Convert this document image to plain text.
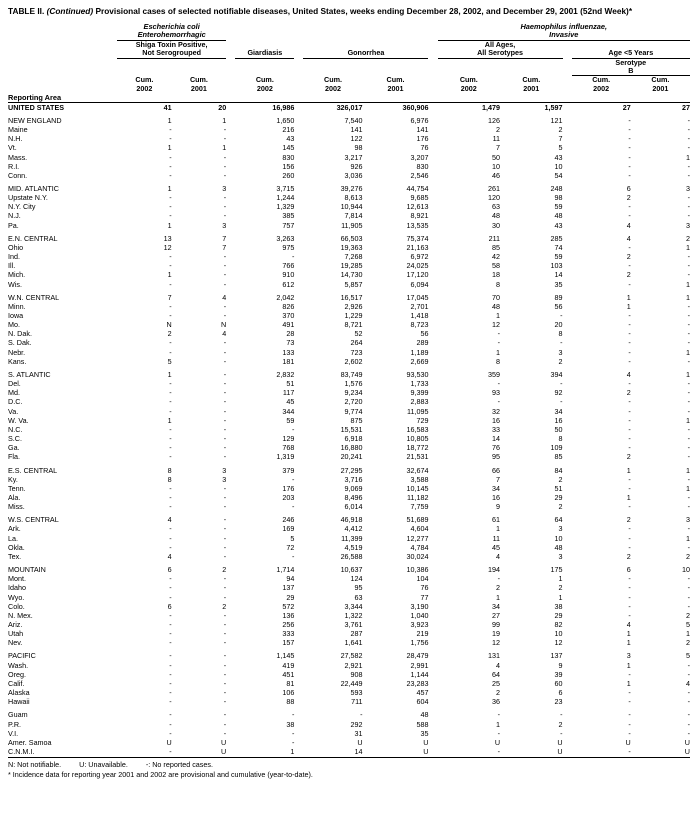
TABLE II. (Continued) Provisional cases of selected notifiable diseases, United States, weeks ending December 28, 2002, and December 29, 2001 (52nd Week)*
	Escherichia coli
Enterohemorrhagic								Haemophilus influenzae,
Invasive				
	Shiga Toxin Positive,
Not Serogrouped			Giardiasis		Gonorrhea			All Ages,
All Serotypes			Age <5 Years	
												Serotype
B	
	Cum.
2002	Cum.
2001		Cum.
2002		Cum.
2002	Cum.
2001		Cum.
2002	Cum.
2001		Cum.
2002	Cum.
2001
Reporting Area													
UNITED STATES	41	20		16,986		326,017	360,906		1,479	1,597		27	27

NEW ENGLAND	1	1		1,650		7,540	6,976		126	121		-	-
Maine	-	-		216		141	141		2	2		-	-
N.H.	-	-		43		122	176		11	7		-	-
Vt.	1	1		145		98	76		7	5		-	-
Mass.	-	-		830		3,217	3,207		50	43		-	1
R.I.	-	-		156		926	830		10	10		-	-
Conn.	-	-		260		3,036	2,546		46	54		-	-

MID. ATLANTIC	1	3		3,715		39,276	44,754		261	248		6	3
Upstate N.Y.	-	-		1,244		8,613	9,685		120	98		2	-
N.Y. City	-	-		1,329		10,944	12,613		63	59		-	-
N.J.	-	-		385		7,814	8,921		48	48		-	-
Pa.	1	3		757		11,905	13,535		30	43		4	3

E.N. CENTRAL	13	7		3,263		66,503	75,374		211	285		4	2
Ohio	12	7		975		19,363	21,163		85	74		-	1
Ind.	-	-		-		7,268	6,972		42	59		2	-
Ill.	-	-		766		19,285	24,025		58	103		-	-
Mich.	1	-		910		14,730	17,120		18	14		2	-
Wis.	-	-		612		5,857	6,094		8	35		-	1

W.N. CENTRAL	7	4		2,042		16,517	17,045		70	89		1	1
Minn.	-	-		826		2,926	2,701		48	56		1	-
Iowa	-	-		370		1,229	1,418		1	-		-	-
Mo.	N	N		491		8,721	8,723		12	20		-	-
N. Dak.	2	4		28		52	56		-	8		-	-
S. Dak.	-	-		73		264	289		-	-		-	-
Nebr.	-	-		133		723	1,189		1	3		-	1
Kans.	5	-		181		2,602	2,669		8	2		-	-

S. ATLANTIC	1	-		2,832		83,749	93,530		359	394		4	1
Del.	-	-		51		1,576	1,733		-	-		-	-
Md.	-	-		117		9,234	9,399		93	92		2	-
D.C.	-	-		45		2,720	2,883		-	-		-	-
Va.	-	-		344		9,774	11,095		32	34		-	-
W. Va.	1	-		59		875	729		16	16		-	1
N.C.	-	-		-		15,531	16,583		33	50		-	-
S.C.	-	-		129		6,918	10,805		14	8		-	-
Ga.	-	-		768		16,880	18,772		76	109		-	-
Fla.	-	-		1,319		20,241	21,531		95	85		2	-

E.S. CENTRAL	8	3		379		27,295	32,674		66	84		1	1
Ky.	8	3		-		3,716	3,588		7	2		-	-
Tenn.	-	-		176		9,069	10,145		34	51		-	1
Ala.	-	-		203		8,496	11,182		16	29		1	-
Miss.	-	-		-		6,014	7,759		9	2		-	-

W.S. CENTRAL	4	-		246		46,918	51,689		61	64		2	3
Ark.	-	-		169		4,412	4,604		1	3		-	-
La.	-	-		5		11,399	12,277		11	10		-	1
Okla.	-	-		72		4,519	4,784		45	48		-	-
Tex.	4	-		-		26,588	30,024		4	3		2	2

MOUNTAIN	6	2		1,714		10,637	10,386		194	175		6	10
Mont.	-	-		94		124	104		-	1		-	-
Idaho	-	-		137		95	76		2	2		-	-
Wyo.	-	-		29		63	77		1	1		-	-
Colo.	6	2		572		3,344	3,190		34	38		-	-
N. Mex.	-	-		136		1,322	1,040		27	29		-	2
Ariz.	-	-		256		3,761	3,923		99	82		4	5
Utah	-	-		333		287	219		19	10		1	1
Nev.	-	-		157		1,641	1,756		12	12		1	2

PACIFIC	-	-		1,145		27,582	28,479		131	137		3	5
Wash.	-	-		419		2,921	2,991		4	9		1	-
Oreg.	-	-		451		908	1,144		64	39		-	-
Calif.	-	-		81		22,449	23,283		25	60		1	4
Alaska	-	-		106		593	457		2	6		-	-
Hawaii	-	-		88		711	604		36	23		-	-

Guam	-	-		-		-	48		-	-		-	-
P.R.	-	-		38		292	588		1	2		-	-
V.I.	-	-		-		31	35		-	-		-	-
Amer. Samoa	U	U		-		U	U		U	U		U	U
C.N.M.I.	-	U		1		14	U		-	U		-	U
N: Not notifiable. U: Unavailable. -: No reported cases.
* Incidence data for reporting year 2001 and 2002 are provisional and cumulative (year-to-date).
